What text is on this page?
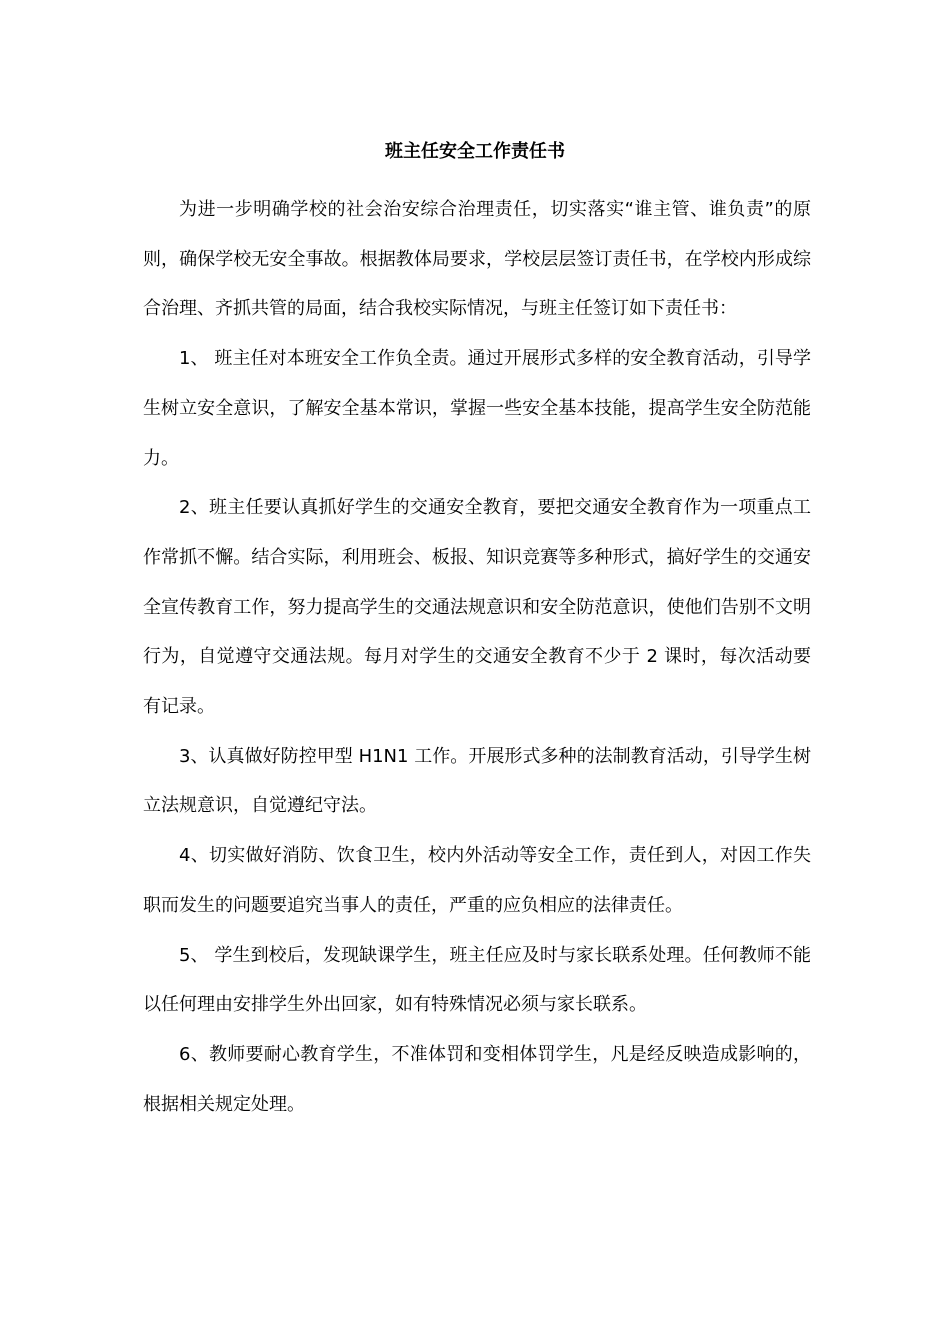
班主任安全工作责任书

为进一步明确学校的社会治安综合治理责任，切实落实“谁主管、谁负责”的原则，确保学校无安全事故。根据教体局要求，学校层层签订责任书，在学校内形成综合治理、齐抓共管的局面，结合我校实际情况，与班主任签订如下责任书：

1、 班主任对本班安全工作负全责。通过开展形式多样的安全教育活动，引导学生树立安全意识，了解安全基本常识，掌握一些安全基本技能，提高学生安全防范能力。

2、班主任要认真抓好学生的交通安全教育，要把交通安全教育作为一项重点工作常抓不懈。结合实际，利用班会、板报、知识竞赛等多种形式，搞好学生的交通安全宣传教育工作，努力提高学生的交通法规意识和安全防范意识，使他们告别不文明行为，自觉遵守交通法规。每月对学生的交通安全教育不少于 2 课时，每次活动要有记录。

3、认真做好防控甲型 H1N1 工作。开展形式多种的法制教育活动，引导学生树立法规意识，自觉遵纪守法。

4、切实做好消防、饮食卫生，校内外活动等安全工作，责任到人，对因工作失职而发生的问题要追究当事人的责任，严重的应负相应的法律责任。

5、 学生到校后，发现缺课学生，班主任应及时与家长联系处理。任何教师不能以任何理由安排学生外出回家，如有特殊情况必须与家长联系。

6、教师要耐心教育学生，不准体罚和变相体罚学生，凡是经反映造成影响的，根据相关规定处理。
